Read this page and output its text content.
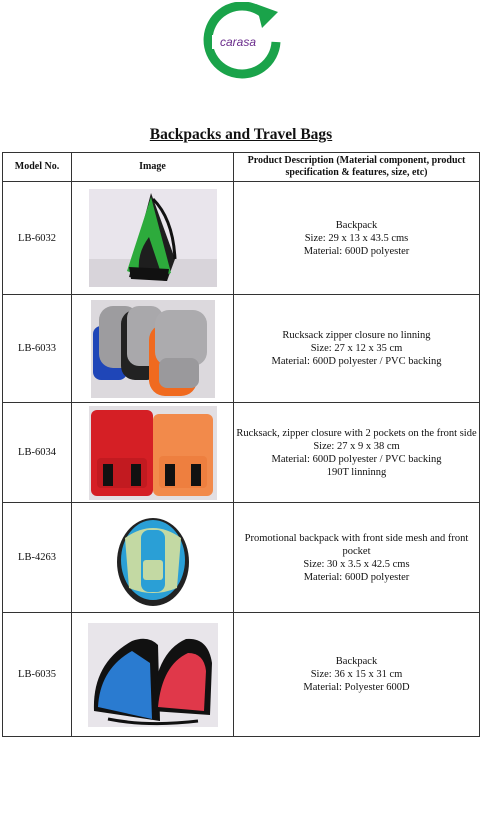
carasa
Backpacks and Travel Bags
Model No.	Image	Product Description (Material component, product specification & features, size, etc)
LB-6032		Backpack
Size: 29 x 13 x 43.5 cms
Material: 600D polyester

LB-6033		Rucksack zipper closure no linning
Size: 27 x 12 x 35 cm
Material: 600D polyester / PVC backing

LB-6034		Rucksack, zipper closure with 2 pockets on the front side
Size: 27 x 9 x 38 cm
Material: 600D polyester / PVC backing
190T linninng

LB-4263		Promotional backpack with front side mesh and front pocket
Size: 30 x 3.5 x 42.5 cms
Material: 600D polyester

LB-6035		Backpack
Size: 36 x 15 x 31 cm
Material: Polyester 600D
